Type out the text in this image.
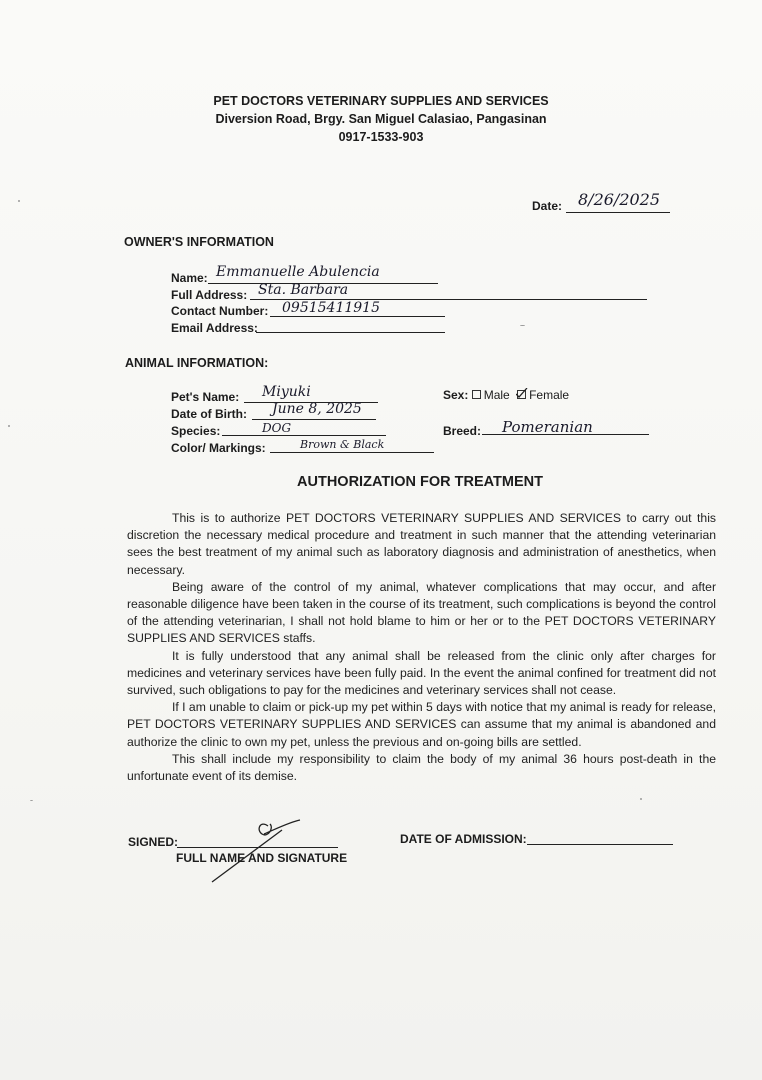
PET DOCTORS VETERINARY SUPPLIES AND SERVICES
Diversion Road, Brgy. San Miguel Calasiao, Pangasinan
0917-1533-903
Date: 8/26/2025
OWNER'S INFORMATION
Name: Emmanuelle Abulencia
Full Address: Sta. Barbara
Contact Number: 09515411915
Email Address:
ANIMAL INFORMATION:
Pet's Name: Miyuki
Date of Birth: June 8, 2025
Species:	DOG
Color/ Markings:	Brown & Black
Sex: Male Female
Breed: Pomeranian
AUTHORIZATION FOR TREATMENT

This is to authorize PET DOCTORS VETERINARY SUPPLIES AND SERVICES to carry out this discretion the necessary medical procedure and treatment in such manner that the attending veterinarian sees the best treatment of my animal such as laboratory diagnosis and administration of anesthetics, when necessary.

Being aware of the control of my animal, whatever complications that may occur, and after reasonable diligence have been taken in the course of its treatment, such complications is beyond the control of the attending veterinarian, I shall not hold blame to him or her or to the PET DOCTORS VETERINARY SUPPLIES AND SERVICES staffs.

It is fully understood that any animal shall be released from the clinic only after charges for medicines and veterinary services have been fully paid. In the event the animal confined for treatment did not survived, such obligations to pay for the medicines and veterinary services shall not cease.

If I am unable to claim or pick-up my pet within 5 days with notice that my animal is ready for release, PET DOCTORS VETERINARY SUPPLIES AND SERVICES can assume that my animal is abandoned and authorize the clinic to own my pet, unless the previous and on-going bills are settled.

This shall include my responsibility to claim the body of my animal 36 hours post-death in the unfortunate event of its demise.

SIGNED:
FULL NAME AND SIGNATURE
DATE OF ADMISSION:
